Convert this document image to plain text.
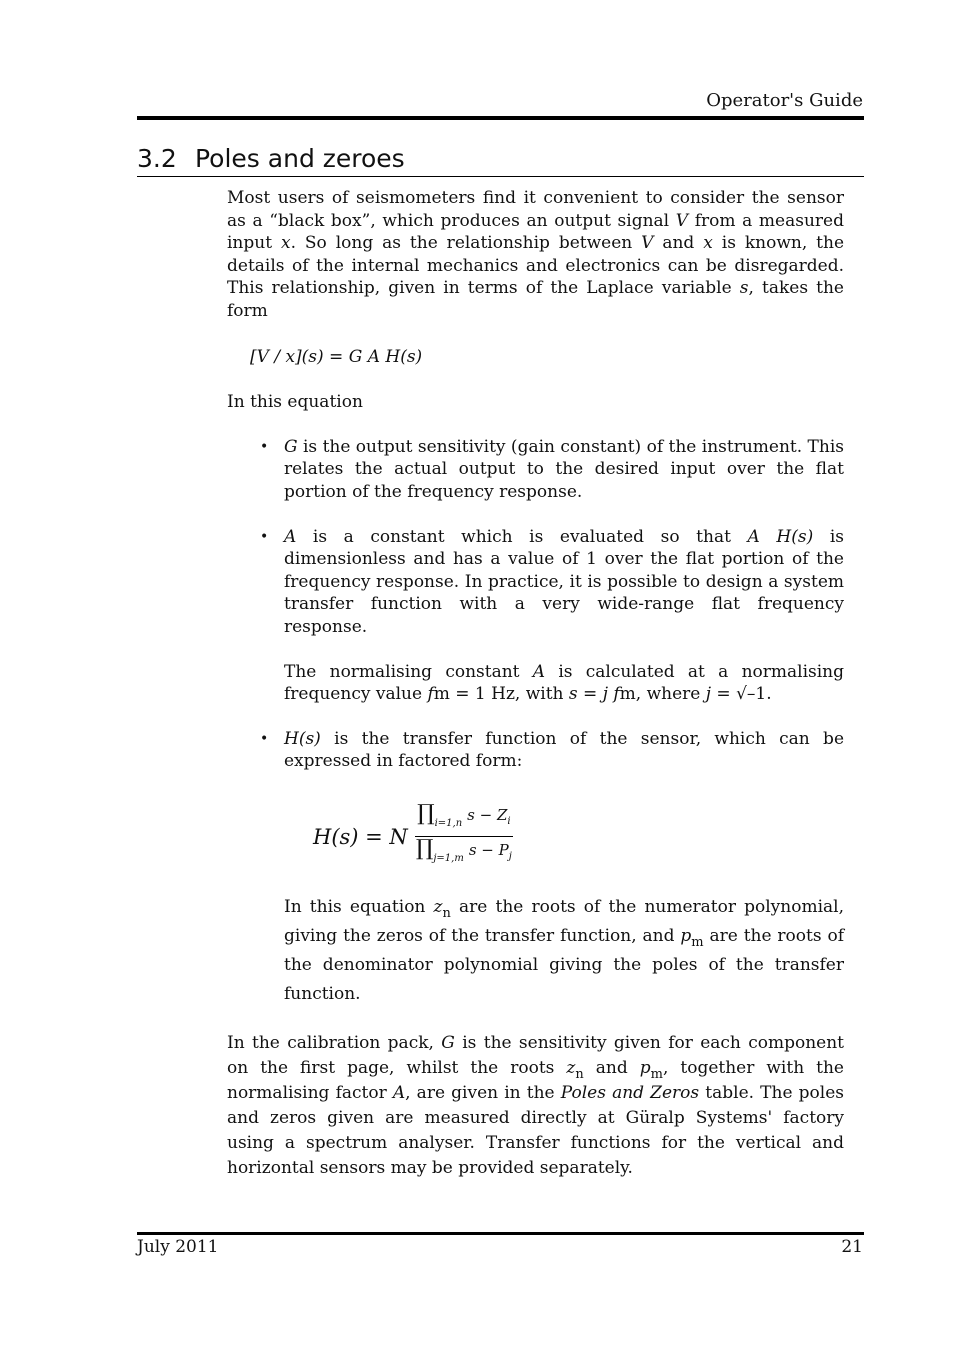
Operator's Guide
3.2 Poles and zeroes

Most users of seismometers find it convenient to consider the sensor as a “black box”, which produces an output signal V from a measured input x. So long as the relationship between V and x is known, the details of the internal mechanics and electronics can be disregarded. This relationship, given in terms of the Laplace variable s, takes the form

[V / x](s) = G A H(s)

In this equation

• G is the output sensitivity (gain constant) of the instrument. This relates the actual output to the desired input over the flat portion of the frequency response.

• A is a constant which is evaluated so that A H(s) is dimensionless and has a value of 1 over the flat portion of the frequency response. In practice, it is possible to design a system transfer function with a very wide-range flat frequency response.

The normalising constant A is calculated at a normalising frequency value fm = 1 Hz, with s = j fm, where j = √–1.

• H(s) is the transfer function of the sensor, which can be expressed in factored form:

H(s) = N $\frac{\prod_{i=1,n} s - Z_i}{\prod_{j=1,m} s - P_j}$

In this equation $z_n$ are the roots of the numerator polynomial, giving the zeros of the transfer function, and $p_m$ are the roots of the denominator polynomial giving the poles of the transfer function.

In the calibration pack, G is the sensitivity given for each component on the first page, whilst the roots $z_n$ and $p_m$, together with the normalising factor A, are given in the Poles and Zeros table. The poles and zeros given are measured directly at Güralp Systems' factory using a spectrum analyser. Transfer functions for the vertical and horizontal sensors may be provided separately.

July 2011	21
